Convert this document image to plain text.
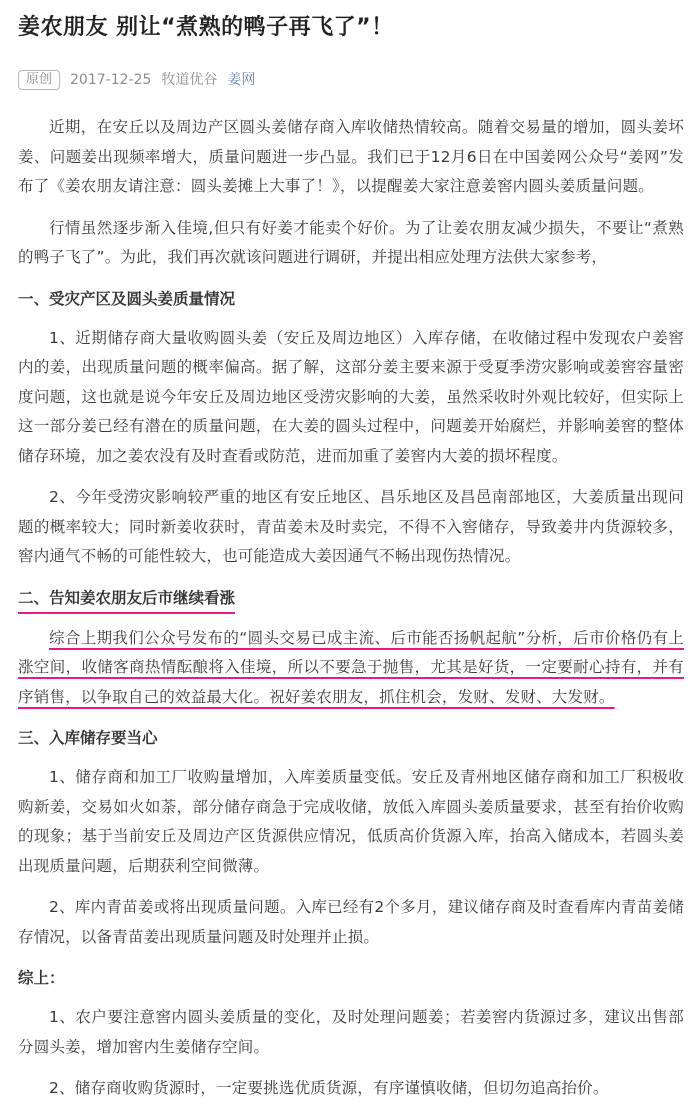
姜农朋友 别让“煮熟的鸭子再飞了”！
原创	2017-12-25 牧道优谷 姜网

近期，在安丘以及周边产区圆头姜储存商入库收储热情较高。随着交易量的增加，圆头姜坏姜、问题姜出现频率增大，质量问题进一步凸显。我们已于12月6日在中国姜网公众号“姜网”发布了《姜农朋友请注意：圆头姜摊上大事了！》，以提醒姜大家注意姜窖内圆头姜质量问题。

行情虽然逐步渐入佳境,但只有好姜才能卖个好价。为了让姜农朋友减少损失，不要让“煮熟的鸭子飞了”。为此，我们再次就该问题进行调研，并提出相应处理方法供大家参考，

一、受灾产区及圆头姜质量情况

1、近期储存商大量收购圆头姜（安丘及周边地区）入库存储，在收储过程中发现农户姜窖内的姜，出现质量问题的概率偏高。据了解，这部分姜主要来源于受夏季涝灾影响或姜窖容量密度问题，这也就是说今年安丘及周边地区受涝灾影响的大姜，虽然采收时外观比较好，但实际上这一部分姜已经有潜在的质量问题，在大姜的圆头过程中，问题姜开始腐烂，并影响姜窖的整体储存环境，加之姜农没有及时查看或防范，进而加重了姜窖内大姜的损坏程度。

2、今年受涝灾影响较严重的地区有安丘地区、昌乐地区及昌邑南部地区，大姜质量出现问题的概率较大；同时新姜收获时，青苗姜未及时卖完，不得不入窖储存，导致姜井内货源较多，窖内通气不畅的可能性较大，也可能造成大姜因通气不畅出现伤热情况。

二、告知姜农朋友后市继续看涨

综合上期我们公众号发布的“圆头交易已成主流、后市能否扬帆起航”分析，后市价格仍有上涨空间，收储客商热情酝酿将入佳境，所以不要急于抛售，尤其是好货，一定要耐心持有，并有序销售，以争取自己的效益最大化。祝好姜农朋友，抓住机会，发财、发财、大发财。

三、入库储存要当心

1、储存商和加工厂收购量增加，入库姜质量变低。安丘及青州地区储存商和加工厂积极收购新姜，交易如火如荼，部分储存商急于完成收储，放低入库圆头姜质量要求，甚至有抬价收购的现象；基于当前安丘及周边产区货源供应情况，低质高价货源入库，抬高入储成本，若圆头姜出现质量问题，后期获利空间微薄。

2、库内青苗姜或将出现质量问题。入库已经有2个多月，建议储存商及时查看库内青苗姜储存情况，以备青苗姜出现质量问题及时处理并止损。

综上：

1、农户要注意窖内圆头姜质量的变化，及时处理问题姜；若姜窖内货源过多，建议出售部分圆头姜，增加窖内生姜储存空间。

2、储存商收购货源时，一定要挑选优质货源，有序谨慎收储，但切勿追高抬价。
